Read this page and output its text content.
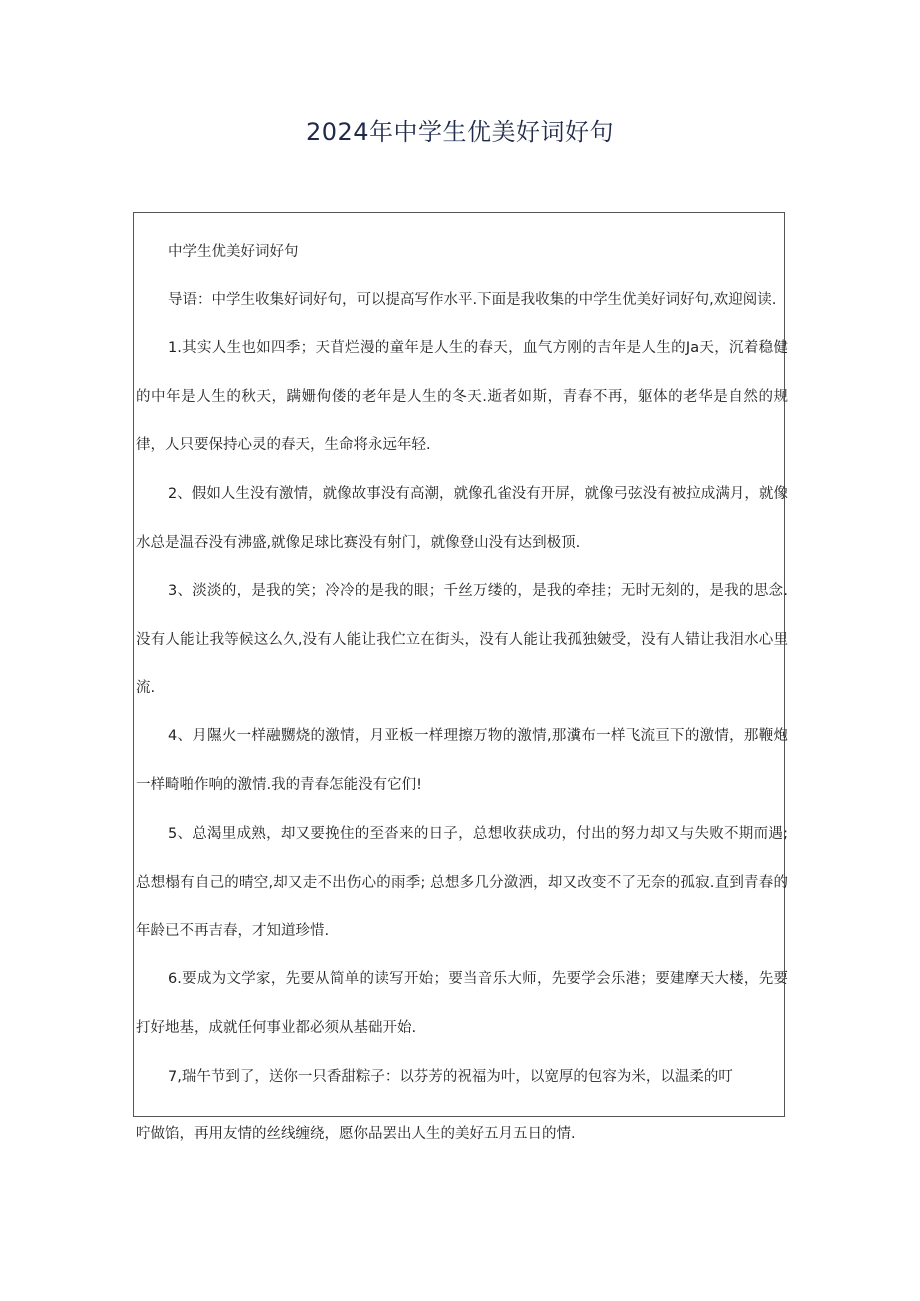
2024年中学生优美好词好句

中学生优美好词好句

导语：中学生收集好词好句，可以提高写作水平.下面是我收集的中学生优美好词好句,欢迎阅读.

1.其实人生也如四季；天苜烂漫的童年是人生的春天，血气方刚的吉年是人生的Ja天，沉着稳健的中年是人生的秋天，蹒姗佝偻的老年是人生的冬天.逝者如斯，青春不再，躯体的老华是自然的规律，人只要保持心灵的春天，生命将永远年轻.

2、假如人生没有激情，就像故事没有高潮，就像孔雀没有开屏，就像弓弦没有被拉成满月，就像水总是温吞没有沸盛,就像足球比赛没有射门，就像登山没有达到极顶.

3、淡淡的，是我的笑；冷冷的是我的眼；千丝万缕的，是我的牵挂；无时无刻的，是我的思念.没有人能让我等候这么久,没有人能让我伫立在街头，没有人能让我孤独皴受，没有人错让我泪水心里流.

4、月隰火一样融嬲烧的激情，月亚板一样理擦万物的激情,那瀵布一样飞流亘下的激情，那鞭炮一样畸啪作响的激情.我的青春怎能没有它们!

5、总渴里成熟，却又要挽住的至沓来的日子，总想收获成功，付出的努力却又与失败不期而遇;总想榻有自己的晴空,却又走不出伤心的雨季; 总想多几分潋洒，却又改变不了无奈的孤寂.直到青春的年龄已不再吉春，才知道珍惜.

6.要成为文学家，先要从简单的读写开始；要当音乐大师，先要学会乐港；要建摩天大楼，先要打好地基，成就任何事业都必须从基础开始.

7,瑞午节到了，送你一只香甜粽子：以芬芳的祝福为叶，以宽厚的包容为米，以温柔的叮

咛做馅，再用友情的丝线缠绕，愿你品罢出人生的美好五月五日的情.
